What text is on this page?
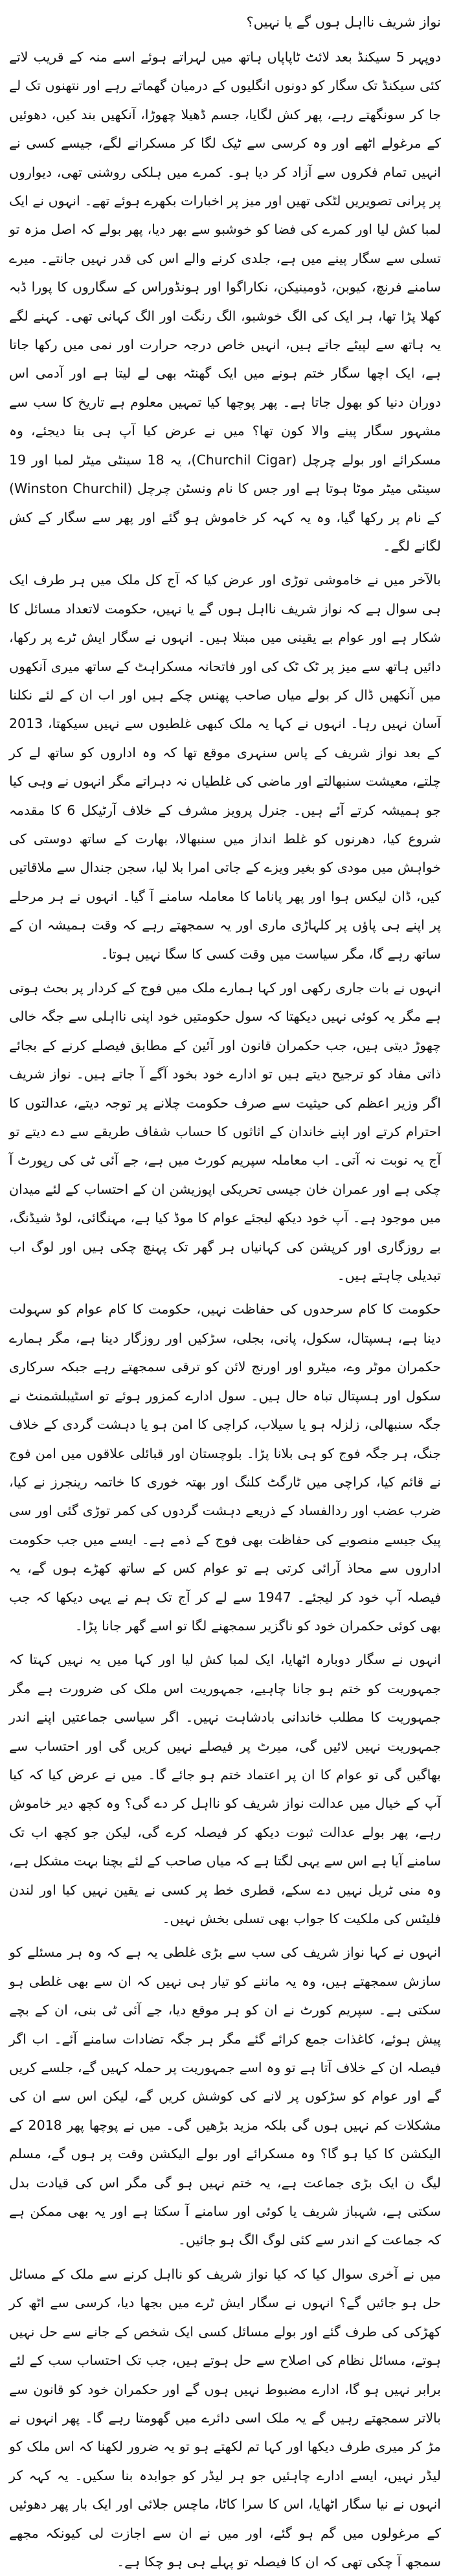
نواز شریف نااہل ہوں گے یا نہیں؟

دوپہر 5 سیکنڈ بعد لائٹ ٹاپاپاں ہاتھ میں لہراتے ہوئے اسے منہ کے قریب لاتے کئی سیکنڈ تک سگار کو دونوں انگلیوں کے درمیان گھماتے رہے اور نتھنوں تک لے جا کر سونگھتے رہے، پھر کش لگایا، جسم ڈھیلا چھوڑا، آنکھیں بند کیں، دھوئیں کے مرغولے اٹھے اور وہ کرسی سے ٹیک لگا کر مسکرانے لگے، جیسے کسی نے انہیں تمام فکروں سے آزاد کر دیا ہو۔ کمرے میں ہلکی روشنی تھی، دیواروں پر پرانی تصویریں لٹکی تھیں اور میز پر اخبارات بکھرے ہوئے تھے۔ انہوں نے ایک لمبا کش لیا اور کمرے کی فضا کو خوشبو سے بھر دیا، پھر بولے کہ اصل مزہ تو تسلی سے سگار پینے میں ہے، جلدی کرنے والے اس کی قدر نہیں جانتے۔ میرے سامنے فرنچ، کیوبن، ڈومینیکن، نکاراگوا اور ہونڈوراس کے سگاروں کا پورا ڈبہ کھلا پڑا تھا، ہر ایک کی الگ خوشبو، الگ رنگت اور الگ کہانی تھی۔ کہنے لگے یہ ہاتھ سے لپیٹے جاتے ہیں، انہیں خاص درجہ حرارت اور نمی میں رکھا جاتا ہے، ایک اچھا سگار ختم ہونے میں ایک گھنٹہ بھی لے لیتا ہے اور آدمی اس دوران دنیا کو بھول جاتا ہے۔ پھر پوچھا کیا تمہیں معلوم ہے تاریخ کا سب سے مشہور سگار پینے والا کون تھا؟ میں نے عرض کیا آپ ہی بتا دیجئے، وہ مسکرائے اور بولے چرچل (Churchil Cigar)، یہ 18 سینٹی میٹر لمبا اور 19 سینٹی میٹر موٹا ہوتا ہے اور جس کا نام ونسٹن چرچل (Winston Churchil) کے نام پر رکھا گیا، وہ یہ کہہ کر خاموش ہو گئے اور پھر سے سگار کے کش لگانے لگے۔

بالآخر میں نے خاموشی توڑی اور عرض کیا کہ آج کل ملک میں ہر طرف ایک ہی سوال ہے کہ نواز شریف نااہل ہوں گے یا نہیں، حکومت لاتعداد مسائل کا شکار ہے اور عوام بے یقینی میں مبتلا ہیں۔ انہوں نے سگار ایش ٹرے پر رکھا، دائیں ہاتھ سے میز پر ٹک ٹک کی اور فاتحانہ مسکراہٹ کے ساتھ میری آنکھوں میں آنکھیں ڈال کر بولے میاں صاحب پھنس چکے ہیں اور اب ان کے لئے نکلنا آسان نہیں رہا۔ انہوں نے کہا یہ ملک کبھی غلطیوں سے نہیں سیکھتا، 2013 کے بعد نواز شریف کے پاس سنہری موقع تھا کہ وہ اداروں کو ساتھ لے کر چلتے، معیشت سنبھالتے اور ماضی کی غلطیاں نہ دہراتے مگر انہوں نے وہی کیا جو ہمیشہ کرتے آئے ہیں۔ جنرل پرویز مشرف کے خلاف آرٹیکل 6 کا مقدمہ شروع کیا، دھرنوں کو غلط انداز میں سنبھالا، بھارت کے ساتھ دوستی کی خواہش میں مودی کو بغیر ویزے کے جاتی امرا بلا لیا، سجن جندال سے ملاقاتیں کیں، ڈان لیکس ہوا اور پھر پاناما کا معاملہ سامنے آ گیا۔ انہوں نے ہر مرحلے پر اپنے ہی پاؤں پر کلہاڑی ماری اور یہ سمجھتے رہے کہ وقت ہمیشہ ان کے ساتھ رہے گا، مگر سیاست میں وقت کسی کا سگا نہیں ہوتا۔

انہوں نے بات جاری رکھی اور کہا ہمارے ملک میں فوج کے کردار پر بحث ہوتی ہے مگر یہ کوئی نہیں دیکھتا کہ سول حکومتیں خود اپنی نااہلی سے جگہ خالی چھوڑ دیتی ہیں، جب حکمران قانون اور آئین کے مطابق فیصلے کرنے کے بجائے ذاتی مفاد کو ترجیح دیتے ہیں تو ادارے خود بخود آگے آ جاتے ہیں۔ نواز شریف اگر وزیر اعظم کی حیثیت سے صرف حکومت چلانے پر توجہ دیتے، عدالتوں کا احترام کرتے اور اپنے خاندان کے اثاثوں کا حساب شفاف طریقے سے دے دیتے تو آج یہ نوبت نہ آتی۔ اب معاملہ سپریم کورٹ میں ہے، جے آئی ٹی کی رپورٹ آ چکی ہے اور عمران خان جیسی تحریکی اپوزیشن ان کے احتساب کے لئے میدان میں موجود ہے۔ آپ خود دیکھ لیجئے عوام کا موڈ کیا ہے، مہنگائی، لوڈ شیڈنگ، بے روزگاری اور کرپشن کی کہانیاں ہر گھر تک پہنچ چکی ہیں اور لوگ اب تبدیلی چاہتے ہیں۔

حکومت کا کام سرحدوں کی حفاظت نہیں، حکومت کا کام عوام کو سہولت دینا ہے، ہسپتال، سکول، پانی، بجلی، سڑکیں اور روزگار دینا ہے، مگر ہمارے حکمران موٹر وے، میٹرو اور اورنج لائن کو ترقی سمجھتے رہے جبکہ سرکاری سکول اور ہسپتال تباہ حال ہیں۔ سول ادارے کمزور ہوئے تو اسٹیبلشمنٹ نے جگہ سنبھالی، زلزلہ ہو یا سیلاب، کراچی کا امن ہو یا دہشت گردی کے خلاف جنگ، ہر جگہ فوج کو ہی بلانا پڑا۔ بلوچستان اور قبائلی علاقوں میں امن فوج نے قائم کیا، کراچی میں ٹارگٹ کلنگ اور بھتہ خوری کا خاتمہ رینجرز نے کیا، ضرب عضب اور ردالفساد کے ذریعے دہشت گردوں کی کمر توڑی گئی اور سی پیک جیسے منصوبے کی حفاظت بھی فوج کے ذمے ہے۔ ایسے میں جب حکومت اداروں سے محاذ آرائی کرتی ہے تو عوام کس کے ساتھ کھڑے ہوں گے، یہ فیصلہ آپ خود کر لیجئے۔ 1947 سے لے کر آج تک ہم نے یہی دیکھا کہ جب بھی کوئی حکمران خود کو ناگزیر سمجھنے لگا تو اسے گھر جانا پڑا۔

انہوں نے سگار دوبارہ اٹھایا، ایک لمبا کش لیا اور کہا میں یہ نہیں کہتا کہ جمہوریت کو ختم ہو جانا چاہیے، جمہوریت اس ملک کی ضرورت ہے مگر جمہوریت کا مطلب خاندانی بادشاہت نہیں۔ اگر سیاسی جماعتیں اپنے اندر جمہوریت نہیں لائیں گی، میرٹ پر فیصلے نہیں کریں گی اور احتساب سے بھاگیں گی تو عوام کا ان پر اعتماد ختم ہو جائے گا۔ میں نے عرض کیا کہ کیا آپ کے خیال میں عدالت نواز شریف کو نااہل کر دے گی؟ وہ کچھ دیر خاموش رہے، پھر بولے عدالت ثبوت دیکھ کر فیصلہ کرے گی، لیکن جو کچھ اب تک سامنے آیا ہے اس سے یہی لگتا ہے کہ میاں صاحب کے لئے بچنا بہت مشکل ہے، وہ منی ٹریل نہیں دے سکے، قطری خط پر کسی نے یقین نہیں کیا اور لندن فلیٹس کی ملکیت کا جواب بھی تسلی بخش نہیں۔

انہوں نے کہا نواز شریف کی سب سے بڑی غلطی یہ ہے کہ وہ ہر مسئلے کو سازش سمجھتے ہیں، وہ یہ ماننے کو تیار ہی نہیں کہ ان سے بھی غلطی ہو سکتی ہے۔ سپریم کورٹ نے ان کو ہر موقع دیا، جے آئی ٹی بنی، ان کے بچے پیش ہوئے، کاغذات جمع کرائے گئے مگر ہر جگہ تضادات سامنے آئے۔ اب اگر فیصلہ ان کے خلاف آتا ہے تو وہ اسے جمہوریت پر حملہ کہیں گے، جلسے کریں گے اور عوام کو سڑکوں پر لانے کی کوشش کریں گے، لیکن اس سے ان کی مشکلات کم نہیں ہوں گی بلکہ مزید بڑھیں گی۔ میں نے پوچھا پھر 2018 کے الیکشن کا کیا ہو گا؟ وہ مسکرائے اور بولے الیکشن وقت پر ہوں گے، مسلم لیگ ن ایک بڑی جماعت ہے، یہ ختم نہیں ہو گی مگر اس کی قیادت بدل سکتی ہے، شہباز شریف یا کوئی اور سامنے آ سکتا ہے اور یہ بھی ممکن ہے کہ جماعت کے اندر سے کئی لوگ الگ ہو جائیں۔

میں نے آخری سوال کیا کہ کیا نواز شریف کو نااہل کرنے سے ملک کے مسائل حل ہو جائیں گے؟ انہوں نے سگار ایش ٹرے میں بجھا دیا، کرسی سے اٹھ کر کھڑکی کی طرف گئے اور بولے مسائل کسی ایک شخص کے جانے سے حل نہیں ہوتے، مسائل نظام کی اصلاح سے حل ہوتے ہیں، جب تک احتساب سب کے لئے برابر نہیں ہو گا، ادارے مضبوط نہیں ہوں گے اور حکمران خود کو قانون سے بالاتر سمجھتے رہیں گے یہ ملک اسی دائرے میں گھومتا رہے گا۔ پھر انہوں نے مڑ کر میری طرف دیکھا اور کہا تم لکھتے ہو تو یہ ضرور لکھنا کہ اس ملک کو لیڈر نہیں، ایسے ادارے چاہئیں جو ہر لیڈر کو جوابدہ بنا سکیں۔ یہ کہہ کر انہوں نے نیا سگار اٹھایا، اس کا سرا کاٹا، ماچس جلائی اور ایک بار پھر دھوئیں کے مرغولوں میں گم ہو گئے، اور میں نے ان سے اجازت لی کیونکہ مجھے سمجھ آ چکی تھی کہ ان کا فیصلہ تو پہلے ہی ہو چکا ہے۔
